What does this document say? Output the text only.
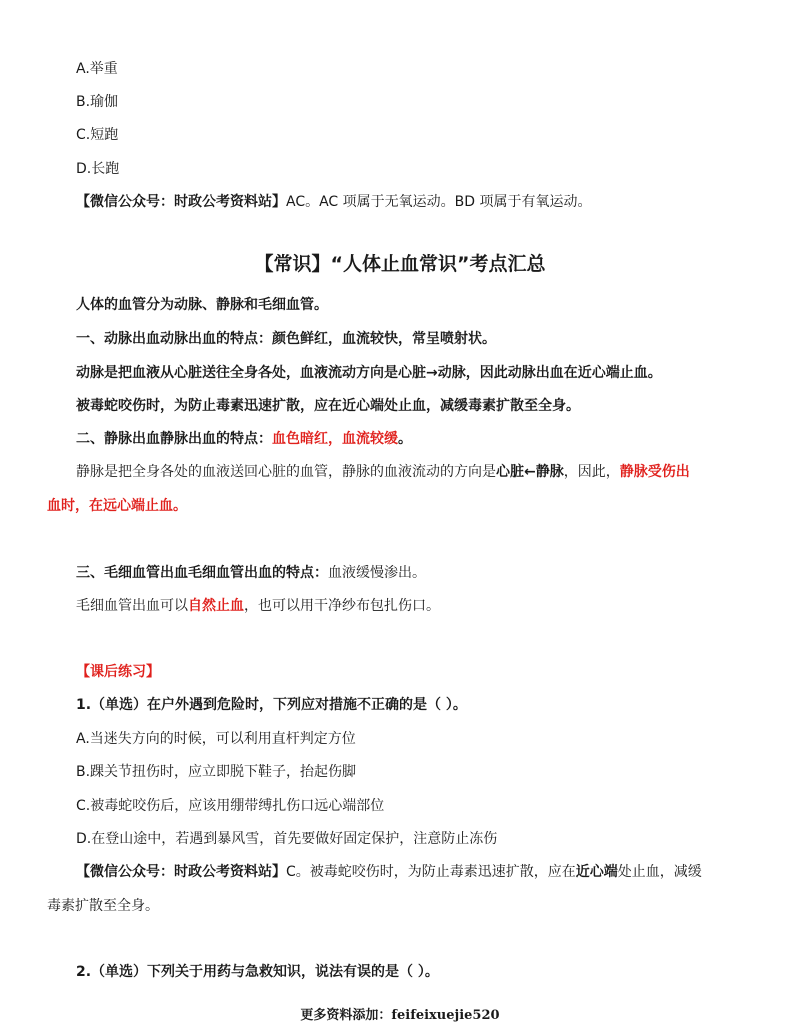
A.举重
B.瑜伽
C.短跑
D.长跑
【微信公众号：时政公考资料站】AC。AC 项属于无氧运动。BD 项属于有氧运动。
【常识】“人体止血常识”考点汇总
人体的血管分为动脉、静脉和毛细血管。
一、动脉出血动脉出血的特点：颜色鲜红，血流较快，常呈喷射状。
动脉是把血液从心脏送往全身各处，血液流动方向是心脏→动脉，因此动脉出血在近心端止血。
被毒蛇咬伤时，为防止毒素迅速扩散，应在近心端处止血，减缓毒素扩散至全身。
二、静脉出血静脉出血的特点：血色暗红，血流较缓。
静脉是把全身各处的血液送回心脏的血管，静脉的血液流动的方向是心脏←静脉，因此，静脉受伤出
血时，在远心端止血。
三、毛细血管出血毛细血管出血的特点：血液缓慢渗出。
毛细血管出血可以自然止血，也可以用干净纱布包扎伤口。
【课后练习】
1.（单选）在户外遇到危险时，下列应对措施不正确的是（ ）。
A.当迷失方向的时候，可以利用直杆判定方位
B.踝关节扭伤时，应立即脱下鞋子，抬起伤脚
C.被毒蛇咬伤后，应该用绷带缚扎伤口远心端部位
D.在登山途中，若遇到暴风雪，首先要做好固定保护，注意防止冻伤
【微信公众号：时政公考资料站】C。被毒蛇咬伤时，为防止毒素迅速扩散，应在近心端处止血，减缓
毒素扩散至全身。
2.（单选）下列关于用药与急救知识，说法有误的是（ ）。
更多资料添加：feifeixuejie520
